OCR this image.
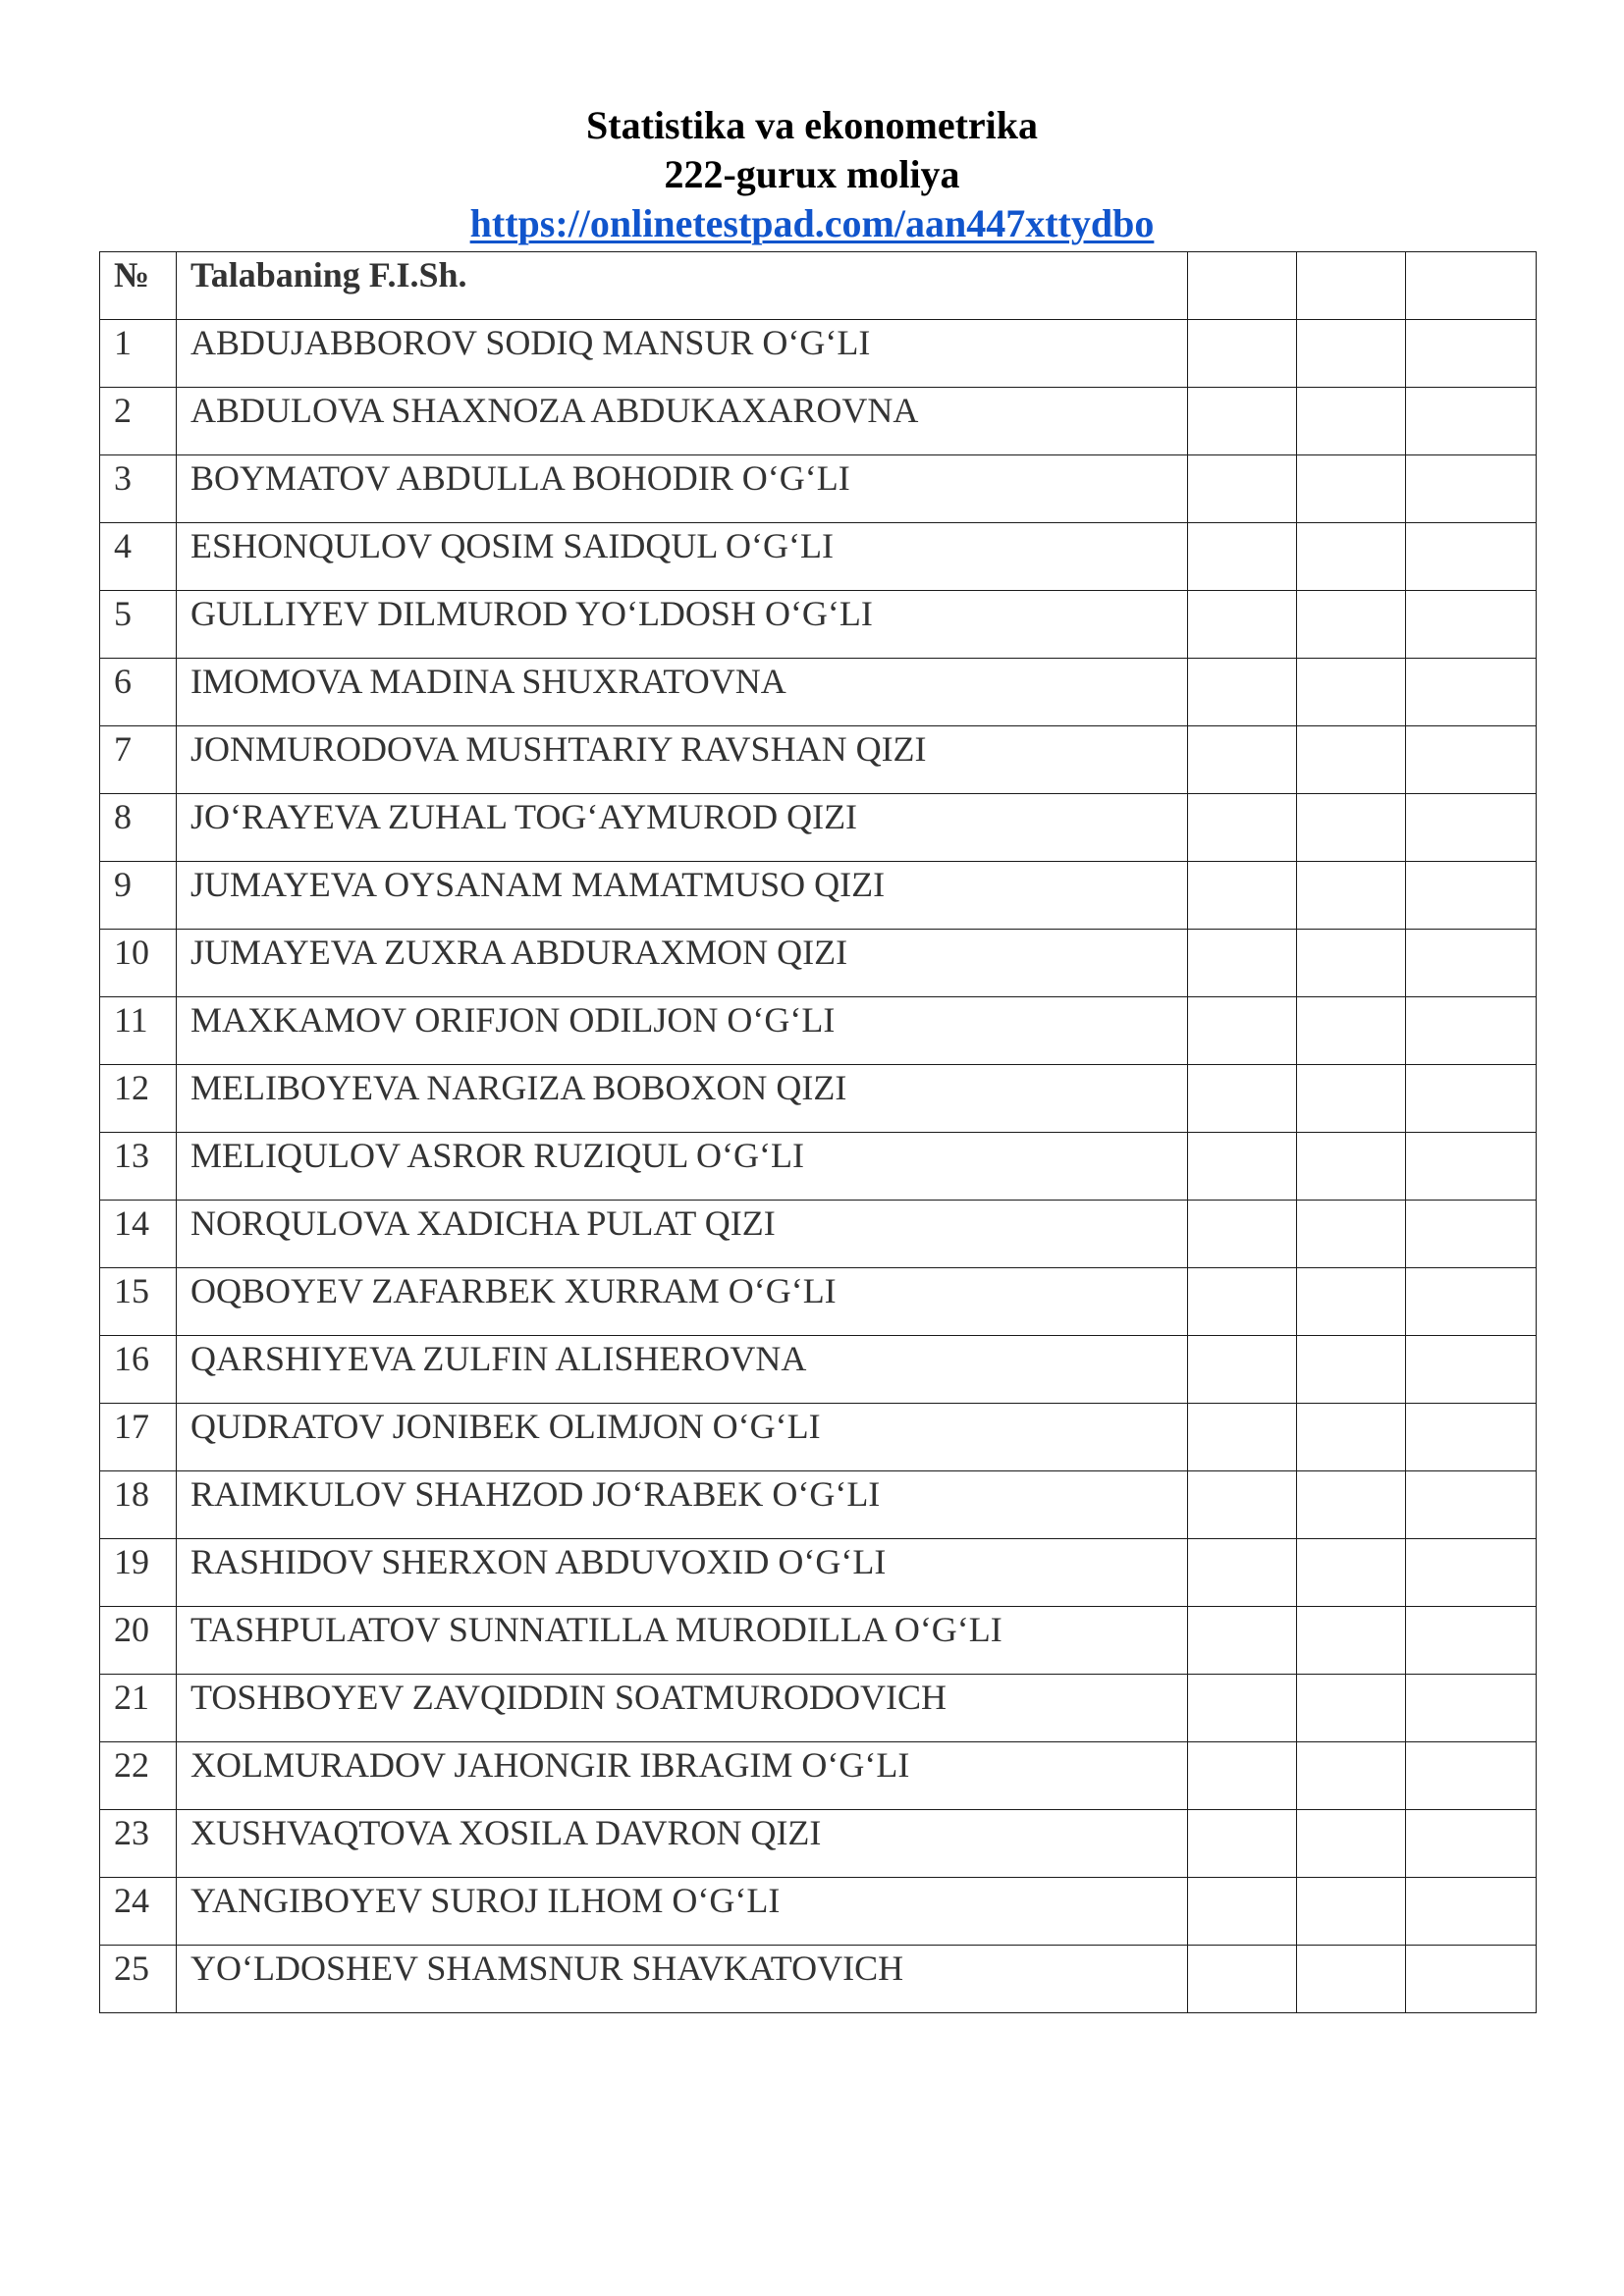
Statistika va ekonometrika
222-gurux moliya
https://onlinetestpad.com/aan447xttydbo
№	Talabaning F.I.Sh.			
1	ABDUJABBOROV SODIQ MANSUR O‘G‘LI			
2	ABDULOVA SHAXNOZA ABDUKAXAROVNA			
3	BOYMATOV ABDULLA BOHODIR O‘G‘LI			
4	ESHONQULOV QOSIM SAIDQUL O‘G‘LI			
5	GULLIYEV DILMUROD YO‘LDOSH O‘G‘LI			
6	IMOMOVA MADINA SHUXRATOVNA			
7	JONMURODOVA MUSHTARIY RAVSHAN QIZI			
8	JO‘RAYEVA ZUHAL TOG‘AYMUROD QIZI			
9	JUMAYEVA OYSANAM MAMATMUSO QIZI			
10	JUMAYEVA ZUXRA ABDURAXMON QIZI			
11	MAXKAMOV ORIFJON ODILJON O‘G‘LI			
12	MELIBOYEVA NARGIZA BOBOXON QIZI			
13	MELIQULOV ASROR RUZIQUL O‘G‘LI			
14	NORQULOVA XADICHA PULAT QIZI			
15	OQBOYEV ZAFARBEK XURRAM O‘G‘LI			
16	QARSHIYEVA ZULFIN ALISHEROVNA			
17	QUDRATOV JONIBEK OLIMJON O‘G‘LI			
18	RAIMKULOV SHAHZOD JO‘RABEK O‘G‘LI			
19	RASHIDOV SHERXON ABDUVOXID O‘G‘LI			
20	TASHPULATOV SUNNATILLA MURODILLA O‘G‘LI			
21	TOSHBOYEV ZAVQIDDIN SOATMURODOVICH			
22	XOLMURADOV JAHONGIR IBRAGIM O‘G‘LI			
23	XUSHVAQTOVA XOSILA DAVRON QIZI			
24	YANGIBOYEV SUROJ ILHOM O‘G‘LI			
25	YO‘LDOSHEV SHAMSNUR SHAVKATOVICH			
